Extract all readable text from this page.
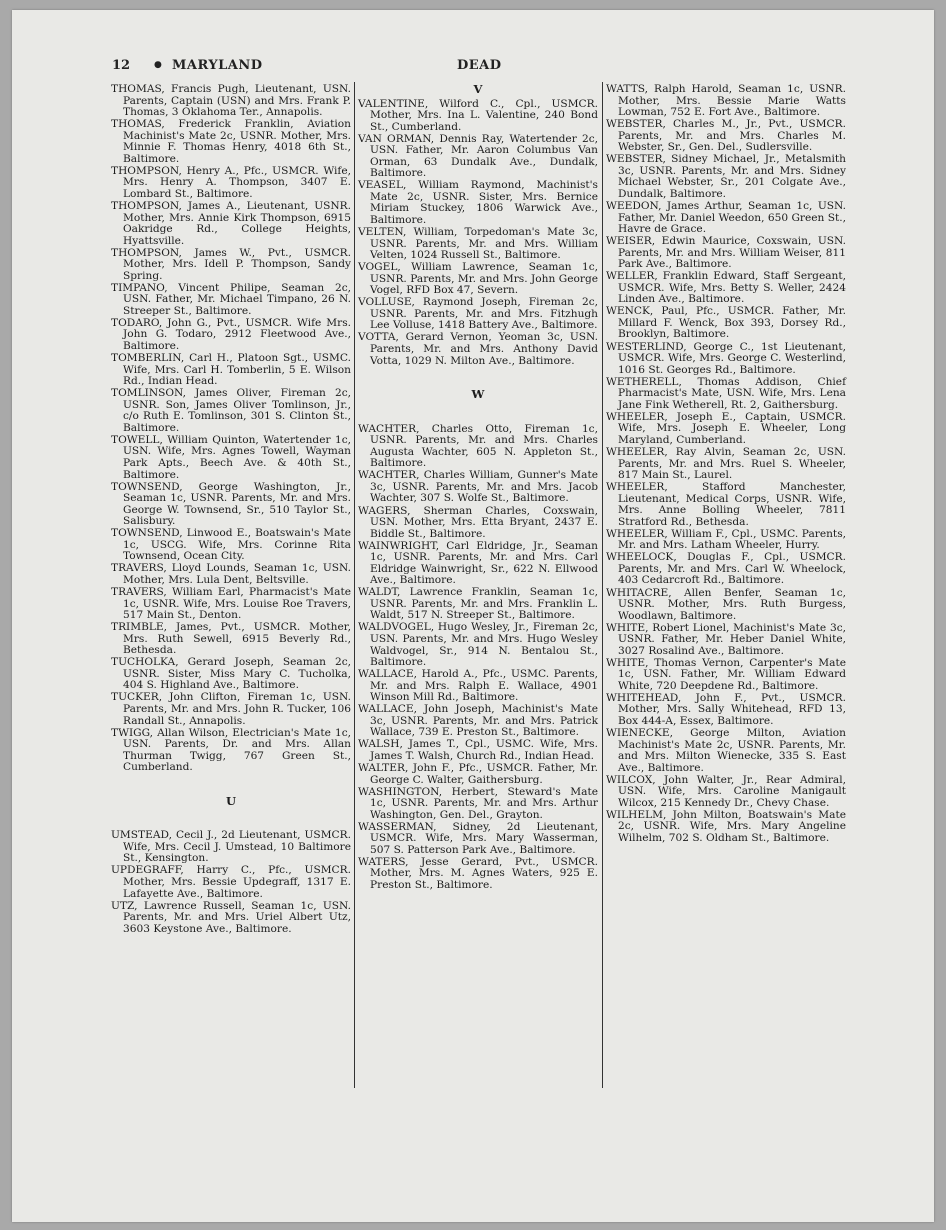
12
●	MARYLAND	DEAD
THOMAS, Francis Pugh, Lieutenant, USN. Parents, Captain (USN) and Mrs. Frank P. Thomas, 3 Oklahoma Ter., Annapolis.
THOMAS, Frederick Franklin, Aviation Machinist's Mate 2c, USNR. Mother, Mrs. Minnie F. Thomas Henry, 4018 6th St., Baltimore.
THOMPSON, Henry A., Pfc., USMCR. Wife, Mrs. Henry A. Thompson, 3407 E. Lombard St., Baltimore.
THOMPSON, James A., Lieutenant, USNR. Mother, Mrs. Annie Kirk Thompson, 6915 Oakridge Rd., College Heights, Hyattsville.
THOMPSON, James W., Pvt., USMCR. Mother, Mrs. Idell P. Thompson, Sandy Spring.
TIMPANO, Vincent Philipe, Seaman 2c, USN. Father, Mr. Michael Timpano, 26 N. Streeper St., Baltimore.
TODARO, John G., Pvt., USMCR. Wife Mrs. John G. Todaro, 2912 Fleetwood Ave., Baltimore.
TOMBERLIN, Carl H., Platoon Sgt., USMC. Wife, Mrs. Carl H. Tomberlin, 5 E. Wilson Rd., Indian Head.
TOMLINSON, James Oliver, Fireman 2c, USNR. Son, James Oliver Tomlinson, Jr., c/o Ruth E. Tomlinson, 301 S. Clinton St., Baltimore.
TOWELL, William Quinton, Watertender 1c, USN. Wife, Mrs. Agnes Towell, Wayman Park Apts., Beech Ave. & 40th St., Baltimore.
TOWNSEND, George Washington, Jr., Seaman 1c, USNR. Parents, Mr. and Mrs. George W. Townsend, Sr., 510 Taylor St., Salisbury.
TOWNSEND, Linwood E., Boatswain's Mate 1c, USCG. Wife, Mrs. Corinne Rita Townsend, Ocean City.
TRAVERS, Lloyd Lounds, Seaman 1c, USN. Mother, Mrs. Lula Dent, Beltsville.
TRAVERS, William Earl, Pharmacist's Mate 1c, USNR. Wife, Mrs. Louise Roe Travers, 517 Main St., Denton.
TRIMBLE, James, Pvt., USMCR. Mother, Mrs. Ruth Sewell, 6915 Beverly Rd., Bethesda.
TUCHOLKA, Gerard Joseph, Seaman 2c, USNR. Sister, Miss Mary C. Tucholka, 404 S. Highland Ave., Baltimore.
TUCKER, John Clifton, Fireman 1c, USN. Parents, Mr. and Mrs. John R. Tucker, 106 Randall St., Annapolis.
TWIGG, Allan Wilson, Electrician's Mate 1c, USN. Parents, Dr. and Mrs. Allan Thurman Twigg, 767 Green St., Cumberland.
U
UMSTEAD, Cecil J., 2d Lieutenant, USMCR. Wife, Mrs. Cecil J. Umstead, 10 Baltimore St., Kensington.
UPDEGRAFF, Harry C., Pfc., USMCR. Mother, Mrs. Bessie Updegraff, 1317 E. Lafayette Ave., Baltimore.
UTZ, Lawrence Russell, Seaman 1c, USN. Parents, Mr. and Mrs. Uriel Albert Utz, 3603 Keystone Ave., Baltimore.
V
VALENTINE, Wilford C., Cpl., USMCR. Mother, Mrs. Ina L. Valentine, 240 Bond St., Cumberland.
VAN ORMAN, Dennis Ray, Watertender 2c, USN. Father, Mr. Aaron Columbus Van Orman, 63 Dundalk Ave., Dundalk, Baltimore.
VEASEL, William Raymond, Machinist's Mate 2c, USNR. Sister, Mrs. Bernice Miriam Stuckey, 1806 Warwick Ave., Baltimore.
VELTEN, William, Torpedoman's Mate 3c, USNR. Parents, Mr. and Mrs. William Velten, 1024 Russell St., Baltimore.
VOGEL, William Lawrence, Seaman 1c, USNR. Parents, Mr. and Mrs. John George Vogel, RFD Box 47, Severn.
VOLLUSE, Raymond Joseph, Fireman 2c, USNR. Parents, Mr. and Mrs. Fitzhugh Lee Volluse, 1418 Battery Ave., Baltimore.
VOTTA, Gerard Vernon, Yeoman 3c, USN. Parents, Mr. and Mrs. Anthony David Votta, 1029 N. Milton Ave., Baltimore.
W
WACHTER, Charles Otto, Fireman 1c, USNR. Parents, Mr. and Mrs. Charles Augusta Wachter, 605 N. Appleton St., Baltimore.
WACHTER, Charles William, Gunner's Mate 3c, USNR. Parents, Mr. and Mrs. Jacob Wachter, 307 S. Wolfe St., Baltimore.
WAGERS, Sherman Charles, Coxswain, USN. Mother, Mrs. Etta Bryant, 2437 E. Biddle St., Baltimore.
WAINWRIGHT, Carl Eldridge, Jr., Seaman 1c, USNR. Parents, Mr. and Mrs. Carl Eldridge Wainwright, Sr., 622 N. Ellwood Ave., Baltimore.
WALDT, Lawrence Franklin, Seaman 1c, USNR. Parents, Mr. and Mrs. Franklin L. Waldt, 517 N. Streeper St., Baltimore.
WALDVOGEL, Hugo Wesley, Jr., Fireman 2c, USN. Parents, Mr. and Mrs. Hugo Wesley Waldvogel, Sr., 914 N. Bentalou St., Baltimore.
WALLACE, Harold A., Pfc., USMC. Parents, Mr. and Mrs. Ralph E. Wallace, 4901 Winson Mill Rd., Baltimore.
WALLACE, John Joseph, Machinist's Mate 3c, USNR. Parents, Mr. and Mrs. Patrick Wallace, 739 E. Preston St., Baltimore.
WALSH, James T., Cpl., USMC. Wife, Mrs. James T. Walsh, Church Rd., Indian Head.
WALTER, John F., Pfc., USMCR. Father, Mr. George C. Walter, Gaithersburg.
WASHINGTON, Herbert, Steward's Mate 1c, USNR. Parents, Mr. and Mrs. Arthur Washington, Gen. Del., Grayton.
WASSERMAN, Sidney, 2d Lieutenant, USMCR. Wife, Mrs. Mary Wasserman, 507 S. Patterson Park Ave., Baltimore.
WATERS, Jesse Gerard, Pvt., USMCR. Mother, Mrs. M. Agnes Waters, 925 E. Preston St., Baltimore.
WATTS, Ralph Harold, Seaman 1c, USNR. Mother, Mrs. Bessie Marie Watts Lowman, 752 E. Fort Ave., Baltimore.
WEBSTER, Charles M., Jr., Pvt., USMCR. Parents, Mr. and Mrs. Charles M. Webster, Sr., Gen. Del., Sudlersville.
WEBSTER, Sidney Michael, Jr., Metalsmith 3c, USNR. Parents, Mr. and Mrs. Sidney Michael Webster, Sr., 201 Colgate Ave., Dundalk, Baltimore.
WEEDON, James Arthur, Seaman 1c, USN. Father, Mr. Daniel Weedon, 650 Green St., Havre de Grace.
WEISER, Edwin Maurice, Coxswain, USN. Parents, Mr. and Mrs. William Weiser, 811 Park Ave., Baltimore.
WELLER, Franklin Edward, Staff Sergeant, USMCR. Wife, Mrs. Betty S. Weller, 2424 Linden Ave., Baltimore.
WENCK, Paul, Pfc., USMCR. Father, Mr. Millard F. Wenck, Box 393, Dorsey Rd., Brooklyn, Baltimore.
WESTERLIND, George C., 1st Lieutenant, USMCR. Wife, Mrs. George C. Westerlind, 1016 St. Georges Rd., Baltimore.
WETHERELL, Thomas Addison, Chief Pharmacist's Mate, USN. Wife, Mrs. Lena Jane Fink Wetherell, Rt. 2, Gaithersburg.
WHEELER, Joseph E., Captain, USMCR. Wife, Mrs. Joseph E. Wheeler, Long Maryland, Cumberland.
WHEELER, Ray Alvin, Seaman 2c, USN. Parents, Mr. and Mrs. Ruel S. Wheeler, 817 Main St., Laurel.
WHEELER, Stafford Manchester, Lieutenant, Medical Corps, USNR. Wife, Mrs. Anne Bolling Wheeler, 7811 Stratford Rd., Bethesda.
WHEELER, William F., Cpl., USMC. Parents, Mr. and Mrs. Latham Wheeler, Hurry.
WHEELOCK, Douglas F., Cpl., USMCR. Parents, Mr. and Mrs. Carl W. Wheelock, 403 Cedarcroft Rd., Baltimore.
WHITACRE, Allen Benfer, Seaman 1c, USNR. Mother, Mrs. Ruth Burgess, Woodlawn, Baltimore.
WHITE, Robert Lionel, Machinist's Mate 3c, USNR. Father, Mr. Heber Daniel White, 3027 Rosalind Ave., Baltimore.
WHITE, Thomas Vernon, Carpenter's Mate 1c, USN. Father, Mr. William Edward White, 720 Deepdene Rd., Baltimore.
WHITEHEAD, John F., Pvt., USMCR. Mother, Mrs. Sally Whitehead, RFD 13, Box 444-A, Essex, Baltimore.
WIENECKE, George Milton, Aviation Machinist's Mate 2c, USNR. Parents, Mr. and Mrs. Milton Wienecke, 335 S. East Ave., Baltimore.
WILCOX, John Walter, Jr., Rear Admiral, USN. Wife, Mrs. Caroline Manigault Wilcox, 215 Kennedy Dr., Chevy Chase.
WILHELM, John Milton, Boatswain's Mate 2c, USNR. Wife, Mrs. Mary Angeline Wilhelm, 702 S. Oldham St., Baltimore.
